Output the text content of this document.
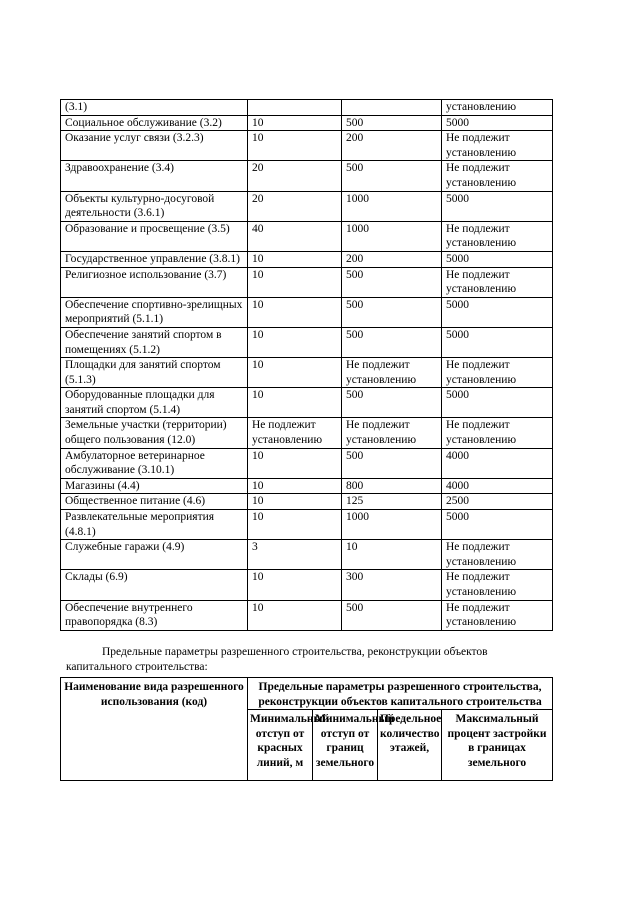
(3.1)			установлению
Социальное обслуживание (3.2)	10	500	5000
Оказание услуг связи (3.2.3)	10	200	Не подлежит установлению
Здравоохранение (3.4)	20	500	Не подлежит установлению
Объекты культурно-досуговой деятельности (3.6.1)	20	1000	5000
Образование и просвещение (3.5)	40	1000	Не подлежит установлению
Государственное управление (3.8.1)	10	200	5000
Религиозное использование (3.7)	10	500	Не подлежит установлению
Обеспечение спортивно-зрелищных мероприятий (5.1.1)	10	500	5000
Обеспечение занятий спортом в помещениях (5.1.2)	10	500	5000
Площадки для занятий спортом (5.1.3)	10	Не подлежит установлению	Не подлежит установлению
Оборудованные площадки для занятий спортом (5.1.4)	10	500	5000
Земельные участки (территории) общего пользования (12.0)	Не подлежит установлению	Не подлежит установлению	Не подлежит установлению
Амбулаторное ветеринарное обслуживание (3.10.1)	10	500	4000
Магазины (4.4)	10	800	4000
Общественное питание (4.6)	10	125	2500
Развлекательные мероприятия (4.8.1)	10	1000	5000
Служебные гаражи (4.9)	3	10	Не подлежит установлению
Склады (6.9)	10	300	Не подлежит установлению
Обеспечение внутреннего правопорядка (8.3)	10	500	Не подлежит установлению

Предельные параметры разрешенного строительства, реконструкции объектов капитального строительства:

Наименование вида разрешенного использования (код)	Предельные параметры разрешенного строительства, реконструкции объектов капитального строительства			

	Минимальный отступ от красных линий, м	Минимальный отступ от границ земельного	Предельное количество этажей,	Максимальный процент застройки в границах земельного
